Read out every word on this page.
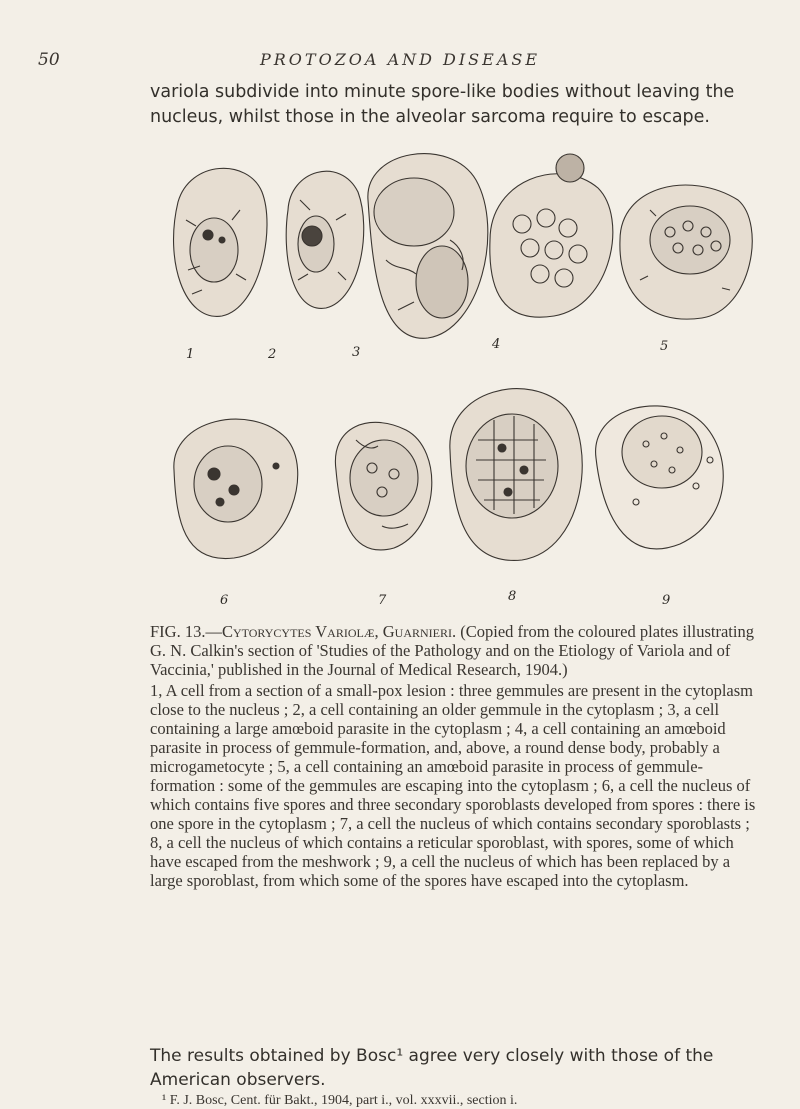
50	PROTOZOA AND DISEASE
variola subdivide into minute spore-like bodies without leaving the nucleus, whilst those in the alveolar sarcoma require to escape.
1	2	3
4	5
6	7	8	9

FIG. 13.—Cytorycytes Variolæ, Guarnieri. (Copied from the coloured plates illustrating G. N. Calkin's section of 'Studies of the Pathology and on the Etiology of Variola and of Vaccinia,' published in the Journal of Medical Research, 1904.)

1, A cell from a section of a small-pox lesion : three gemmules are present in the cytoplasm close to the nucleus ; 2, a cell containing an older gemmule in the cytoplasm ; 3, a cell containing a large amœboid parasite in the cytoplasm ; 4, a cell containing an amœboid parasite in process of gemmule-formation, and, above, a round dense body, probably a microgametocyte ; 5, a cell containing an amœboid parasite in process of gemmule-formation : some of the gemmules are escaping into the cytoplasm ; 6, a cell the nucleus of which contains five spores and three secondary sporoblasts developed from spores : there is one spore in the cytoplasm ; 7, a cell the nucleus of which contains secondary sporoblasts ; 8, a cell the nucleus of which contains a reticular sporoblast, with spores, some of which have escaped from the meshwork ; 9, a cell the nucleus of which has been replaced by a large sporoblast, from which some of the spores have escaped into the cytoplasm.

The results obtained by Bosc¹ agree very closely with those of the American observers.
¹ F. J. Bosc, Cent. für Bakt., 1904, part i., vol. xxxvii., section i.
